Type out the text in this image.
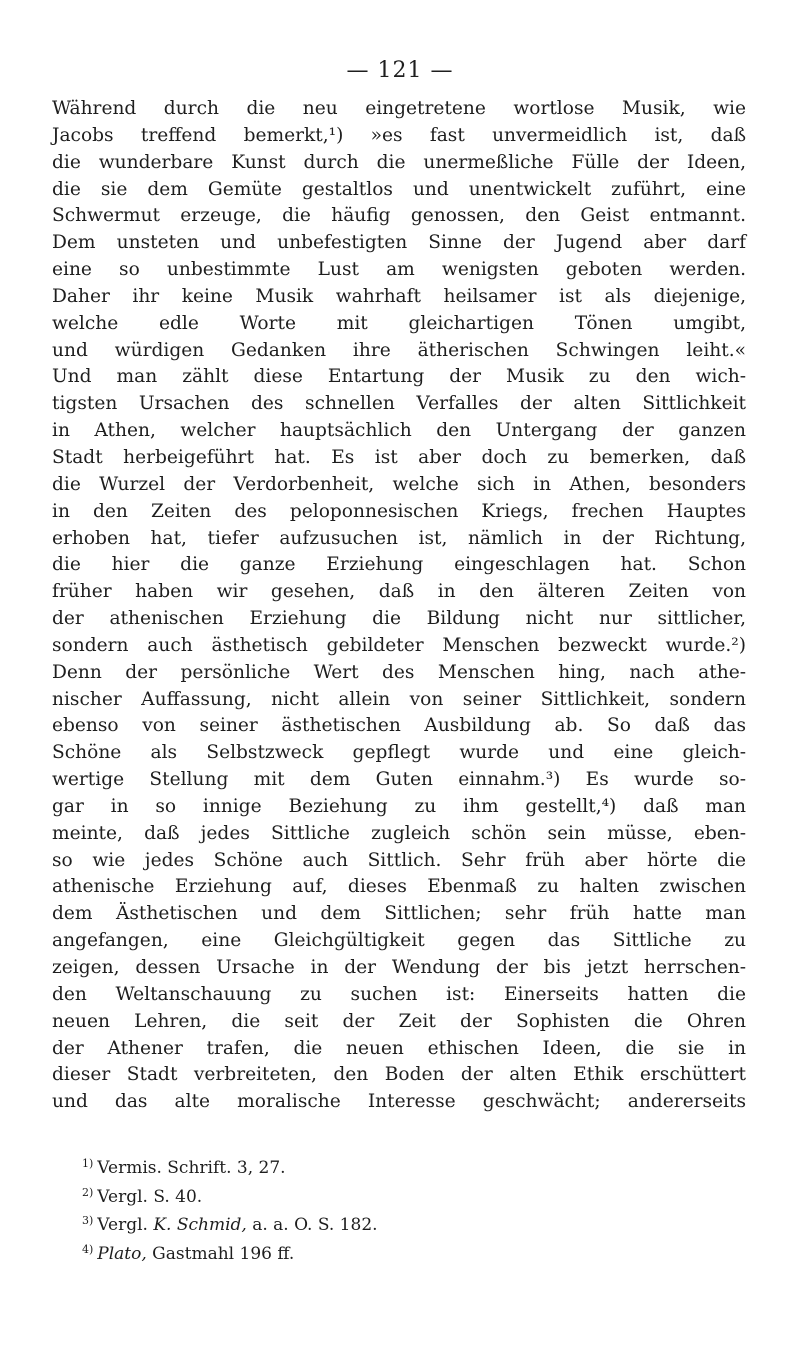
— 121 —
Während durch die neu eingetretene wortlose Musik, wie
Jacobs treffend bemerkt,¹) »es fast unvermeidlich ist, daß
die wunderbare Kunst durch die unermeßliche Fülle der Ideen,
die sie dem Gemüte gestaltlos und unentwickelt zuführt, eine
Schwermut erzeuge, die häufig genossen, den Geist entmannt.
Dem unsteten und unbefestigten Sinne der Jugend aber darf
eine so unbestimmte Lust am wenigsten geboten werden.
Daher ihr keine Musik wahrhaft heilsamer ist als diejenige,
welche edle Worte mit gleichartigen Tönen umgibt,
und würdigen Gedanken ihre ätherischen Schwingen leiht.«
Und man zählt diese Entartung der Musik zu den wich-
tigsten Ursachen des schnellen Verfalles der alten Sittlichkeit
in Athen, welcher hauptsächlich den Untergang der ganzen
Stadt herbeigeführt hat. Es ist aber doch zu bemerken, daß
die Wurzel der Verdorbenheit, welche sich in Athen, besonders
in den Zeiten des peloponnesischen Kriegs, frechen Hauptes
erhoben hat, tiefer aufzusuchen ist, nämlich in der Richtung,
die hier die ganze Erziehung eingeschlagen hat. Schon
früher haben wir gesehen, daß in den älteren Zeiten von
der athenischen Erziehung die Bildung nicht nur sittlicher,
sondern auch ästhetisch gebildeter Menschen bezweckt wurde.²)
Denn der persönliche Wert des Menschen hing, nach athe-
nischer Auffassung, nicht allein von seiner Sittlichkeit, sondern
ebenso von seiner ästhetischen Ausbildung ab. So daß das
Schöne als Selbstzweck gepflegt wurde und eine gleich-
wertige Stellung mit dem Guten einnahm.³) Es wurde so-
gar in so innige Beziehung zu ihm gestellt,⁴) daß man
meinte, daß jedes Sittliche zugleich schön sein müsse, eben-
so wie jedes Schöne auch Sittlich. Sehr früh aber hörte die
athenische Erziehung auf, dieses Ebenmaß zu halten zwischen
dem Ästhetischen und dem Sittlichen; sehr früh hatte man
angefangen, eine Gleichgültigkeit gegen das Sittliche zu
zeigen, dessen Ursache in der Wendung der bis jetzt herrschen-
den Weltanschauung zu suchen ist: Einerseits hatten die
neuen Lehren, die seit der Zeit der Sophisten die Ohren
der Athener trafen, die neuen ethischen Ideen, die sie in
dieser Stadt verbreiteten, den Boden der alten Ethik erschüttert
und das alte moralische Interesse geschwächt; andererseits
$^{1)}$ Vermis. Schrift. 3, 27.
$^{2)}$ Vergl. S. 40.
$^{3)}$ Vergl. K. Schmid, a. a. O. S. 182.
$^{4)}$ Plato, Gastmahl 196 ff.
